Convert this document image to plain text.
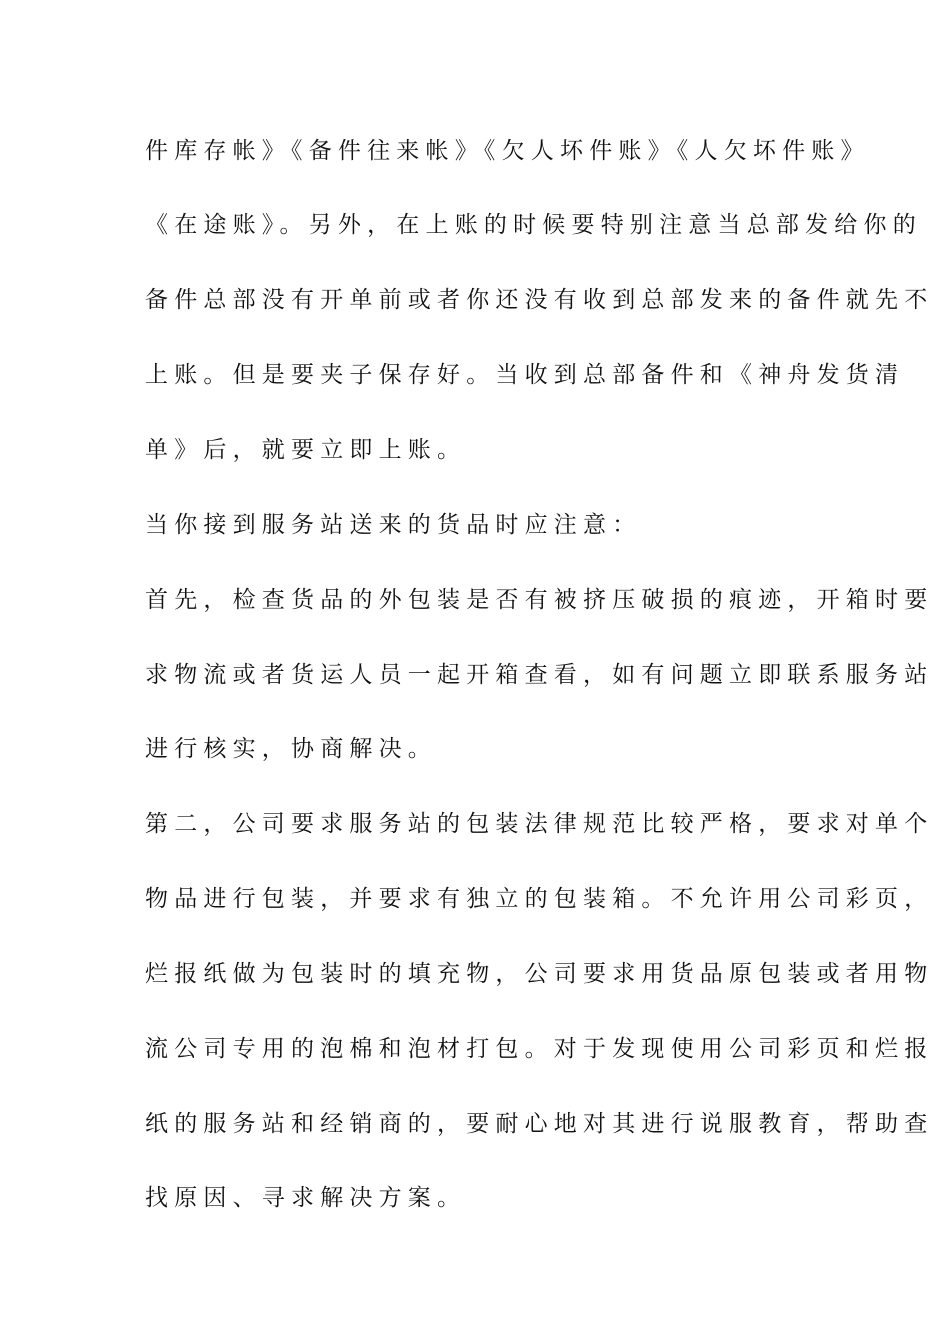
件库存帐》《备件往来帐》《欠人坏件账》《人欠坏件账》
《在途账》。另外，在上账的时候要特别注意当总部发给你的
备件总部没有开单前或者你还没有收到总部发来的备件就先不
上账。但是要夹子保存好。当收到总部备件和《神舟发货清
单》后，就要立即上账。
当你接到服务站送来的货品时应注意：
首先，检查货品的外包装是否有被挤压破损的痕迹，开箱时要
求物流或者货运人员一起开箱查看，如有问题立即联系服务站
进行核实，协商解决。
第二，公司要求服务站的包装法律规范比较严格，要求对单个
物品进行包装，并要求有独立的包装箱。不允许用公司彩页，
烂报纸做为包装时的填充物，公司要求用货品原包装或者用物
流公司专用的泡棉和泡材打包。对于发现使用公司彩页和烂报
纸的服务站和经销商的，要耐心地对其进行说服教育，帮助查
找原因、寻求解决方案。
